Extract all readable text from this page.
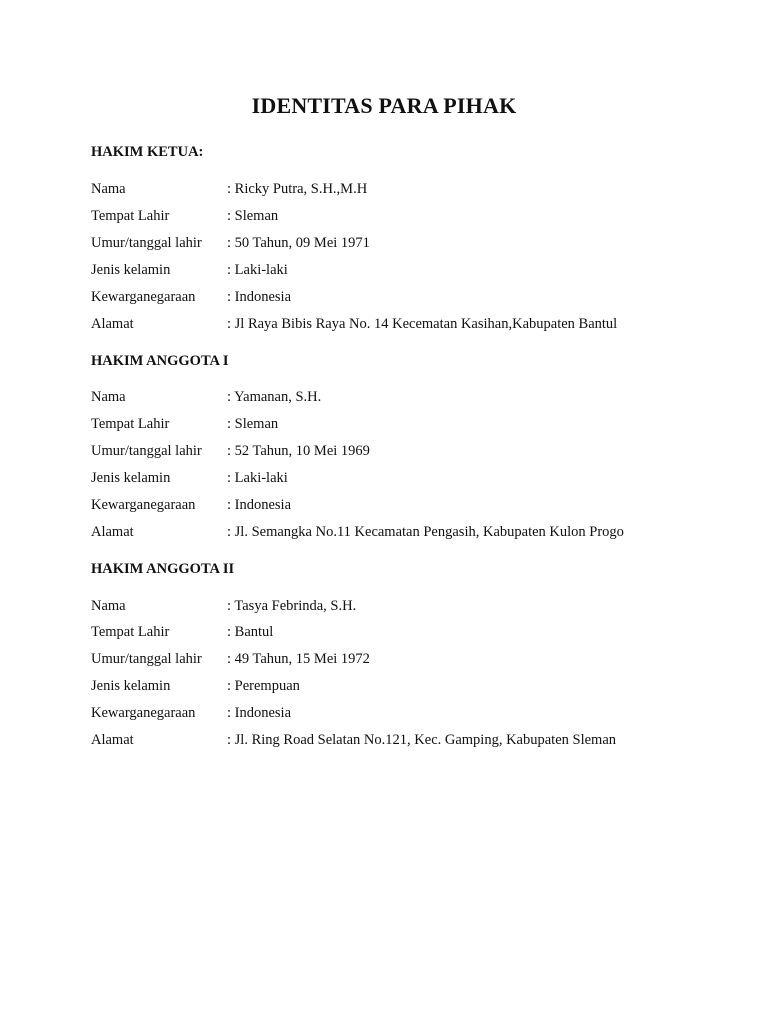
IDENTITAS PARA PIHAK
HAKIM KETUA:
Nama	: Ricky Putra, S.H.,M.H
Tempat Lahir	: Sleman
Umur/tanggal lahir : 50 Tahun, 09 Mei 1971
Jenis kelamin	: Laki-laki
Kewarganegaraan : Indonesia
Alamat	: Jl Raya Bibis Raya No. 14 Kecematan Kasihan,Kabupaten Bantul
HAKIM ANGGOTA I
Nama	: Yamanan, S.H.
Tempat Lahir	: Sleman
Umur/tanggal lahir : 52 Tahun, 10 Mei 1969
Jenis kelamin	: Laki-laki
Kewarganegaraan : Indonesia
Alamat	: Jl. Semangka No.11 Kecamatan Pengasih, Kabupaten Kulon Progo
HAKIM ANGGOTA II
Nama	: Tasya Febrinda, S.H.
Tempat Lahir	: Bantul
Umur/tanggal lahir : 49 Tahun, 15 Mei 1972
Jenis kelamin	: Perempuan
Kewarganegaraan : Indonesia
Alamat	: Jl. Ring Road Selatan No.121, Kec. Gamping, Kabupaten Sleman
